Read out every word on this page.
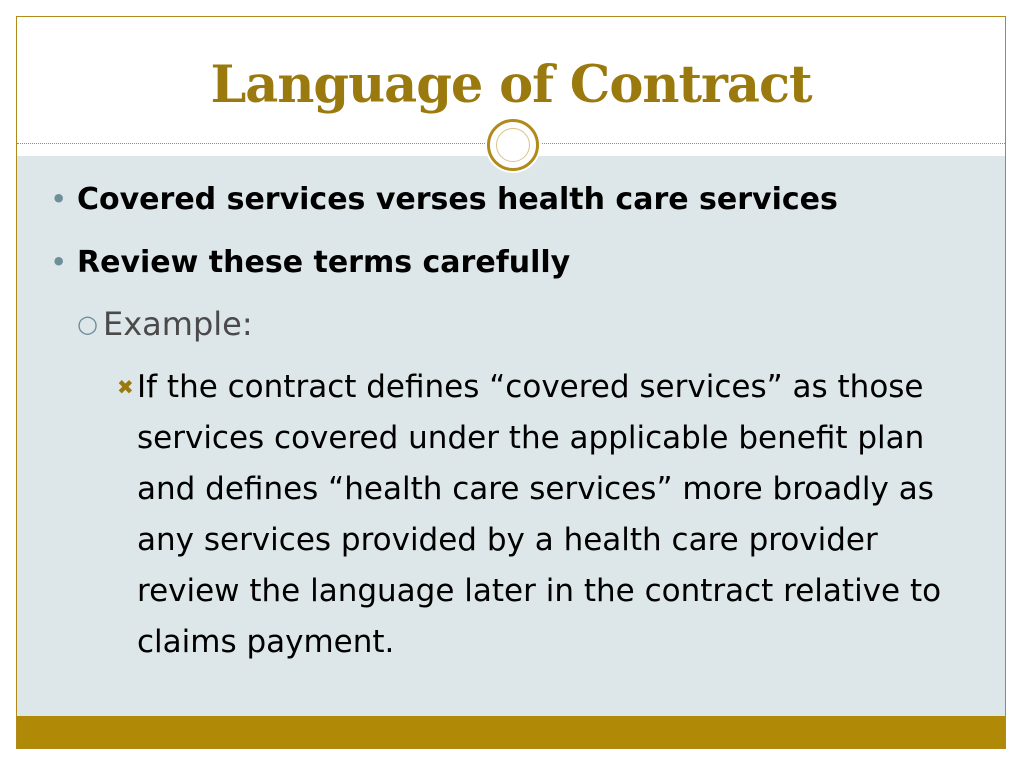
Language of Contract
• Covered services verses health care services
• Review these terms carefully
○ Example:
✖ If the contract defines “covered services” as those services covered under the applicable benefit plan and defines “health care services” more broadly as any services provided by a health care provider review the language later in the contract relative to claims payment.
